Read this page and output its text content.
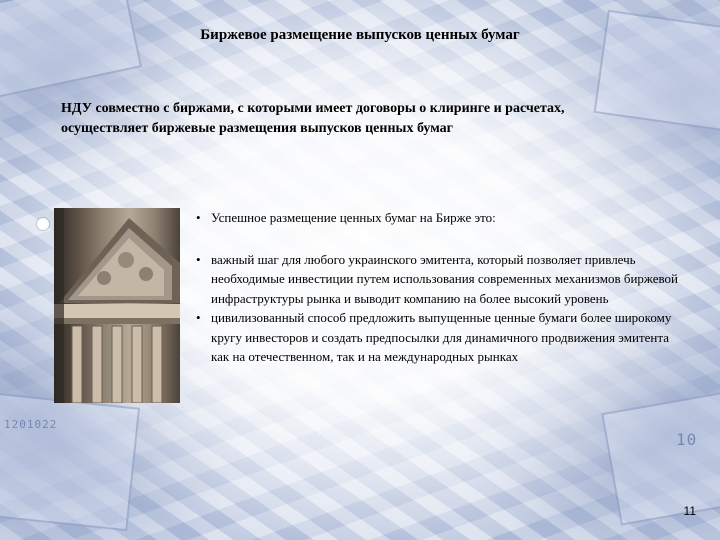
1201022
10
Биржевое размещение выпусков ценных бумаг
НДУ совместно с биржами, с которыми имеет договоры о клиринге и расчетах, осуществляет биржевые размещения выпусков ценных бумаг

• Успешное размещение ценных бумаг на Бирже это:

• важный шаг для любого украинского эмитента, который позволяет привлечь необходимые инвестиции путем использования современных механизмов биржевой инфраструктуры рынка и выводит компанию на более высокий уровень

• цивилизованный способ предложить выпущенные ценные бумаги более широкому кругу инвесторов и создать предпосылки для динамичного продвижения эмитента как на отечественном, так и на международных рынках

11
